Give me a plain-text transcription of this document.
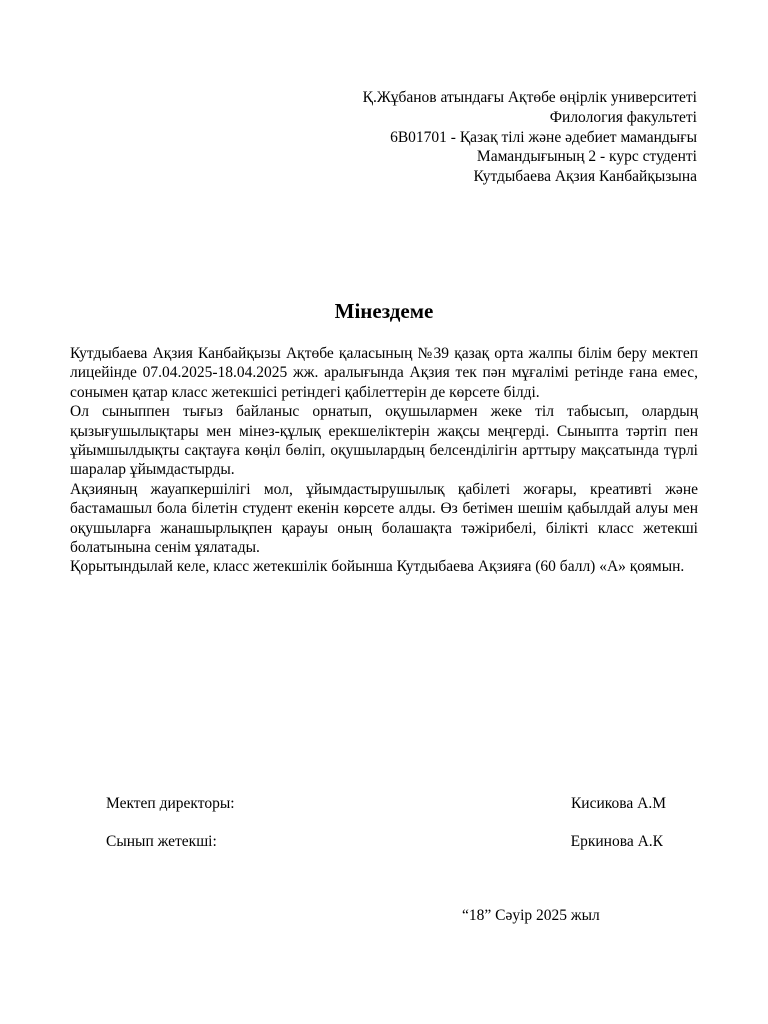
Қ.Жұбанов атындағы Ақтөбе өңірлік университеті
Филология факультеті
6В01701 - Қазақ тілі және әдебиет мамандығы
Мамандығының 2 - курс студенті
Кутдыбаева Ақзия Канбайқызына
Мінездеме

Кутдыбаева Ақзия Канбайқызы Ақтөбе қаласының №39 қазақ орта жалпы білім беру мектеп лицейінде 07.04.2025-18.04.2025 жж. аралығында Ақзия тек пән мұғалімі ретінде ғана емес, сонымен қатар класс жетекшісі ретіндегі қабілеттерін де көрсете білді.

Ол сыныппен тығыз байланыс орнатып, оқушылармен жеке тіл табысып, олардың қызығушылықтары мен мінез-құлық ерекшеліктерін жақсы меңгерді. Сыныпта тәртіп пен ұйымшылдықты сақтауға көңіл бөліп, оқушылардың белсенділігін арттыру мақсатында түрлі шаралар ұйымдастырды.

Ақзияның жауапкершілігі мол, ұйымдастырушылық қабілеті жоғары, креативті және бастамашыл бола білетін студент екенін көрсете алды. Өз бетімен шешім қабылдай алуы мен оқушыларға жанашырлықпен қарауы оның болашақта тәжірибелі, білікті класс жетекші болатынына сенім ұялатады.

Қорытындылай келе, класс жетекшілік бойынша Кутдыбаева Ақзияға (60 балл) «А» қоямын.

Мектеп директоры:	Кисикова А.М
Сынып жетекші:	Еркинова А.К
“18” Сәуір 2025 жыл
